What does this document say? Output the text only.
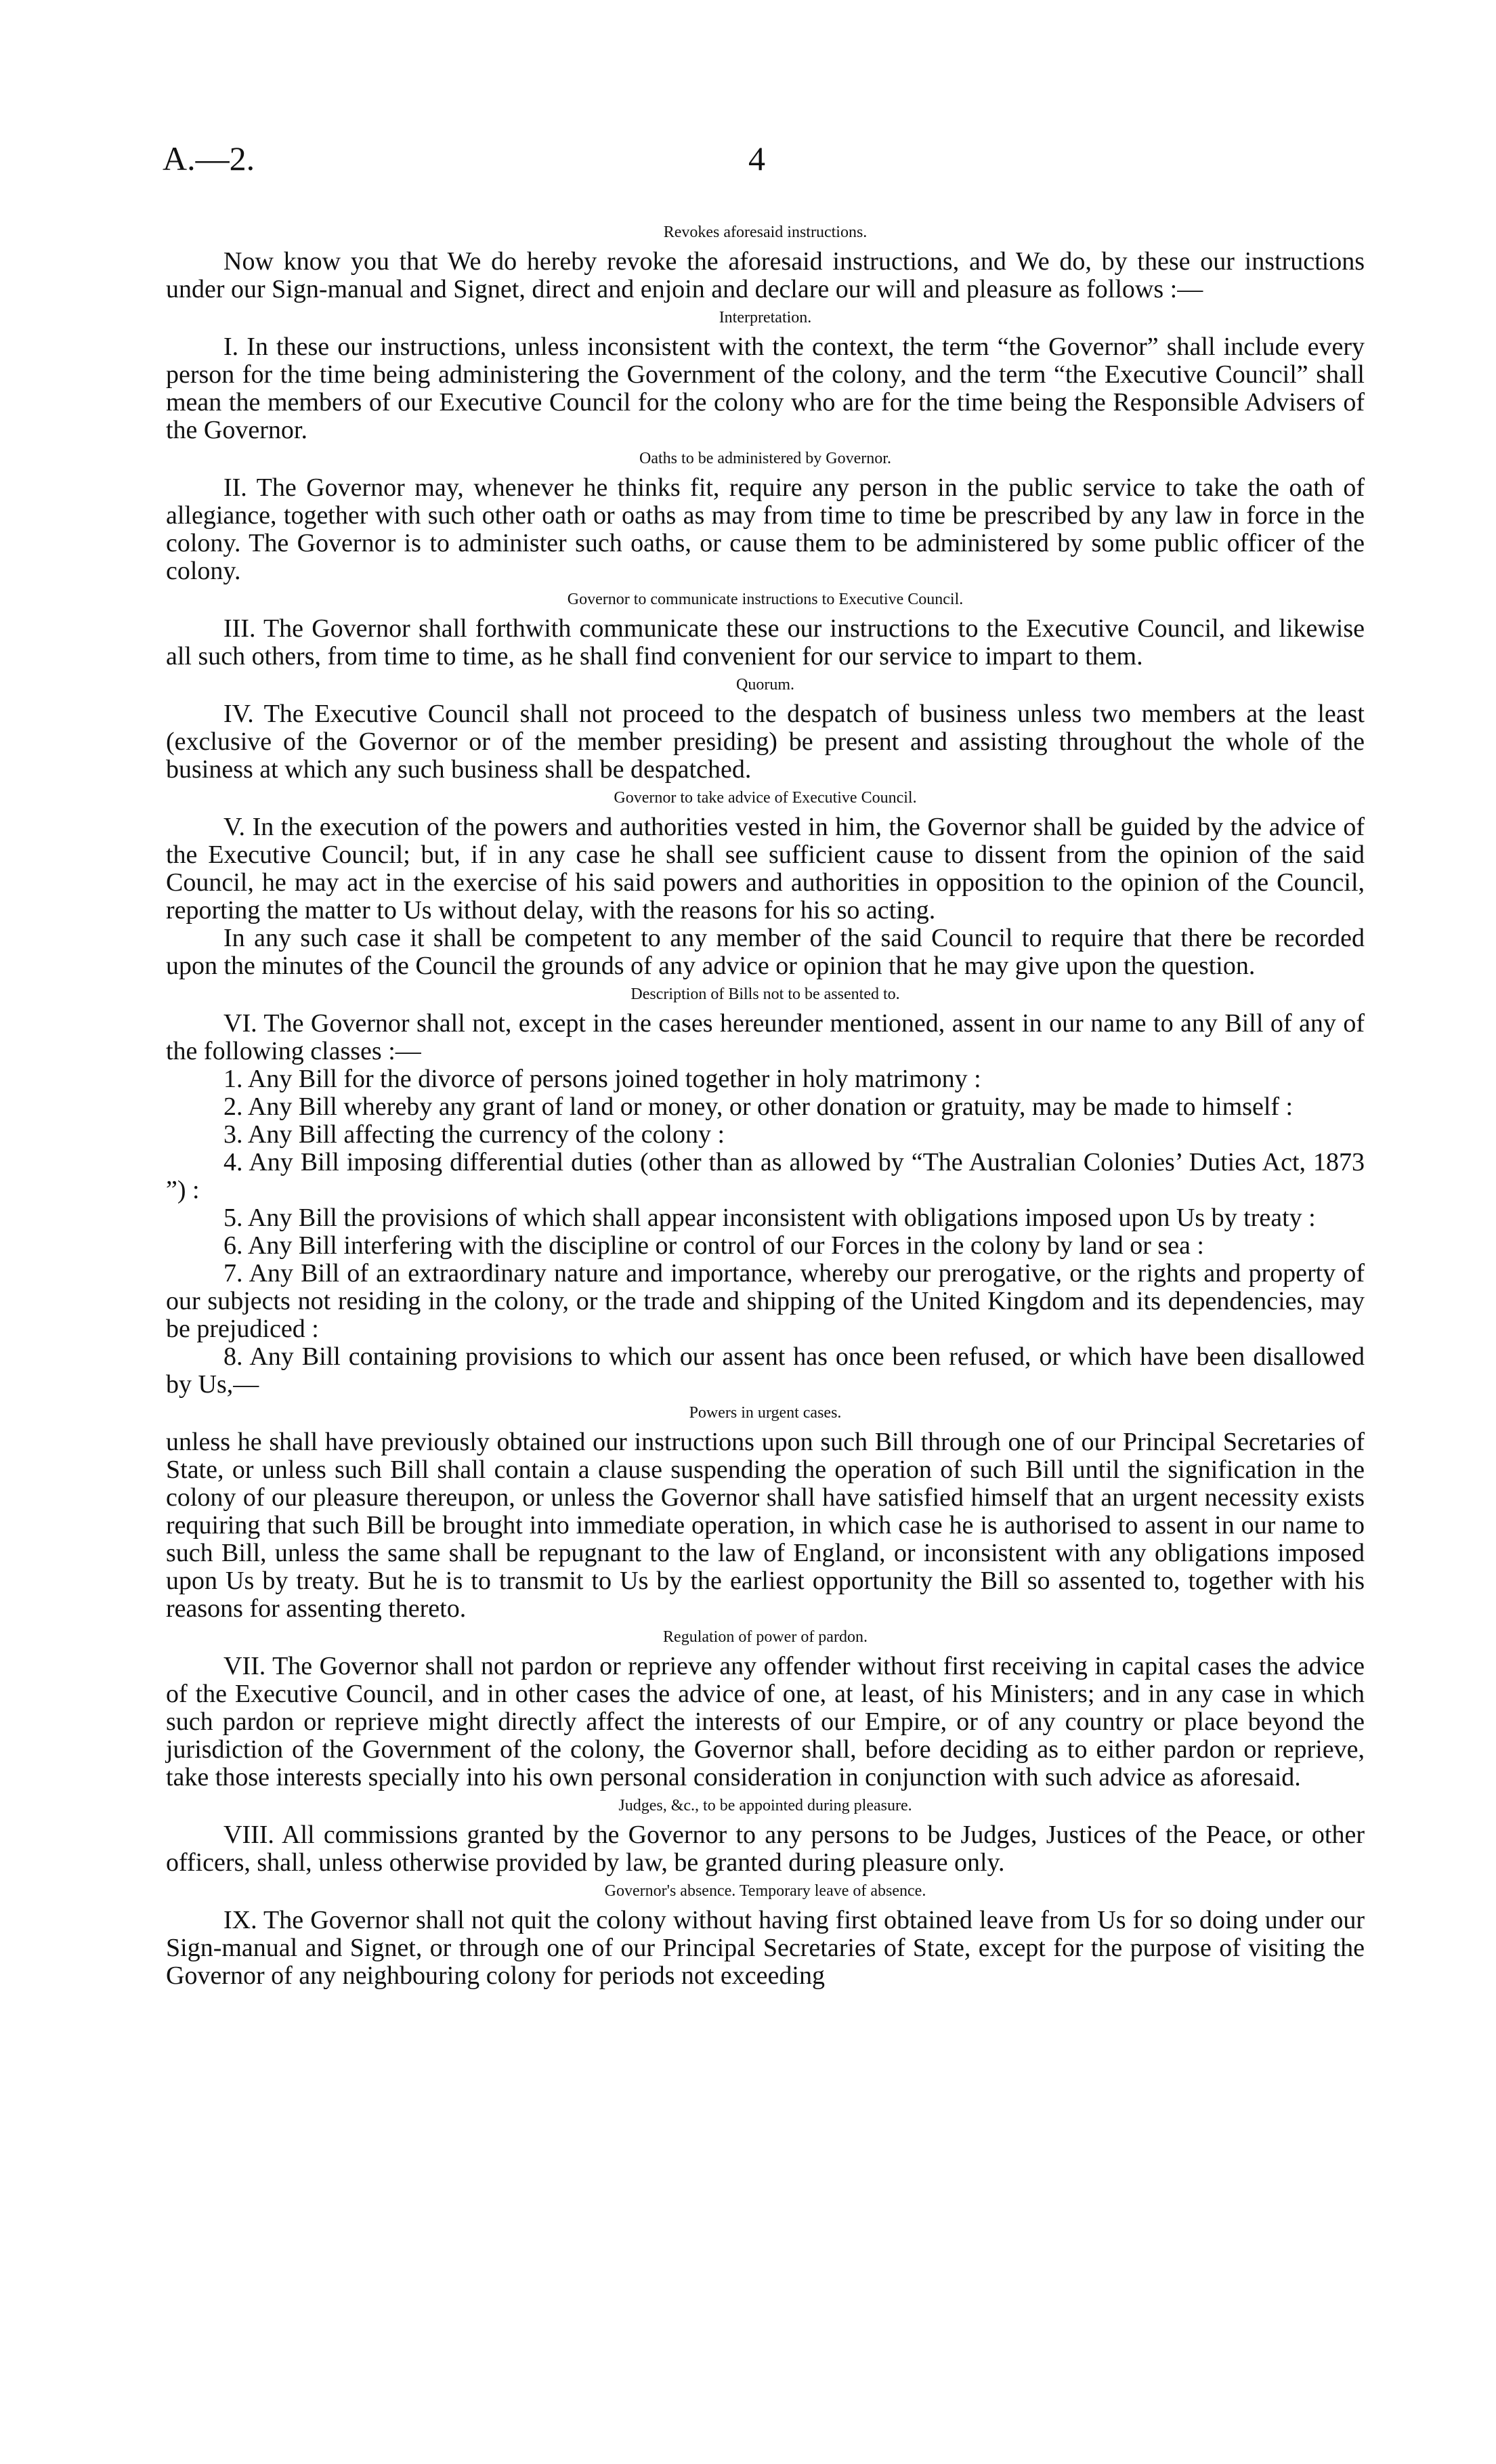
A.—2.	4
Revokes aforesaid instructions.

Now know you that We do hereby revoke the aforesaid instructions, and We do, by these our instructions under our Sign-manual and Signet, direct and enjoin and declare our will and pleasure as follows :—

Interpretation.

I. In these our instructions, unless inconsistent with the context, the term “the Governor” shall include every person for the time being administering the Government of the colony, and the term “the Executive Council” shall mean the members of our Executive Council for the colony who are for the time being the Responsible Advisers of the Governor.

Oaths to be administered by Governor.

II. The Governor may, whenever he thinks fit, require any person in the public service to take the oath of allegiance, together with such other oath or oaths as may from time to time be prescribed by any law in force in the colony. The Governor is to administer such oaths, or cause them to be administered by some public officer of the colony.

Governor to communicate instructions to Executive Council.

III. The Governor shall forthwith communicate these our instructions to the Executive Council, and likewise all such others, from time to time, as he shall find convenient for our service to impart to them.

Quorum.

IV. The Executive Council shall not proceed to the despatch of business unless two members at the least (exclusive of the Governor or of the member presiding) be present and assisting throughout the whole of the business at which any such business shall be despatched.

Governor to take advice of Executive Council.

V. In the execution of the powers and authorities vested in him, the Governor shall be guided by the advice of the Executive Council; but, if in any case he shall see sufficient cause to dissent from the opinion of the said Council, he may act in the exercise of his said powers and authorities in opposition to the opinion of the Council, reporting the matter to Us without delay, with the reasons for his so acting.

In any such case it shall be competent to any member of the said Council to require that there be recorded upon the minutes of the Council the grounds of any advice or opinion that he may give upon the question.

Description of Bills not to be assented to.

VI. The Governor shall not, except in the cases hereunder mentioned, assent in our name to any Bill of any of the following classes :—

1. Any Bill for the divorce of persons joined together in holy matrimony :

2. Any Bill whereby any grant of land or money, or other donation or gratuity, may be made to himself :

3. Any Bill affecting the currency of the colony :

4. Any Bill imposing differential duties (other than as allowed by “The Australian Colonies’ Duties Act, 1873 ”) :

5. Any Bill the provisions of which shall appear inconsistent with obligations imposed upon Us by treaty :

6. Any Bill interfering with the discipline or control of our Forces in the colony by land or sea :

7. Any Bill of an extraordinary nature and importance, whereby our prerogative, or the rights and property of our subjects not residing in the colony, or the trade and shipping of the United Kingdom and its dependencies, may be prejudiced :

8. Any Bill containing provisions to which our assent has once been refused, or which have been disallowed by Us,—

Powers in urgent cases.

unless he shall have previously obtained our instructions upon such Bill through one of our Principal Secretaries of State, or unless such Bill shall contain a clause suspending the operation of such Bill until the signification in the colony of our pleasure thereupon, or unless the Governor shall have satisfied himself that an urgent necessity exists requiring that such Bill be brought into immediate operation, in which case he is authorised to assent in our name to such Bill, unless the same shall be repugnant to the law of England, or inconsistent with any obligations imposed upon Us by treaty. But he is to transmit to Us by the earliest opportunity the Bill so assented to, together with his reasons for assenting thereto.

Regulation of power of pardon.

VII. The Governor shall not pardon or reprieve any offender without first receiving in capital cases the advice of the Executive Council, and in other cases the advice of one, at least, of his Ministers; and in any case in which such pardon or reprieve might directly affect the interests of our Empire, or of any country or place beyond the jurisdiction of the Government of the colony, the Governor shall, before deciding as to either pardon or reprieve, take those interests specially into his own personal consideration in conjunction with such advice as aforesaid.

Judges, &c., to be appointed during pleasure.

VIII. All commissions granted by the Governor to any persons to be Judges, Justices of the Peace, or other officers, shall, unless otherwise provided by law, be granted during pleasure only.

Governor's absence. Temporary leave of absence.

IX. The Governor shall not quit the colony without having first obtained leave from Us for so doing under our Sign-manual and Signet, or through one of our Principal Secretaries of State, except for the purpose of visiting the Governor of any neighbouring colony for periods not exceeding
